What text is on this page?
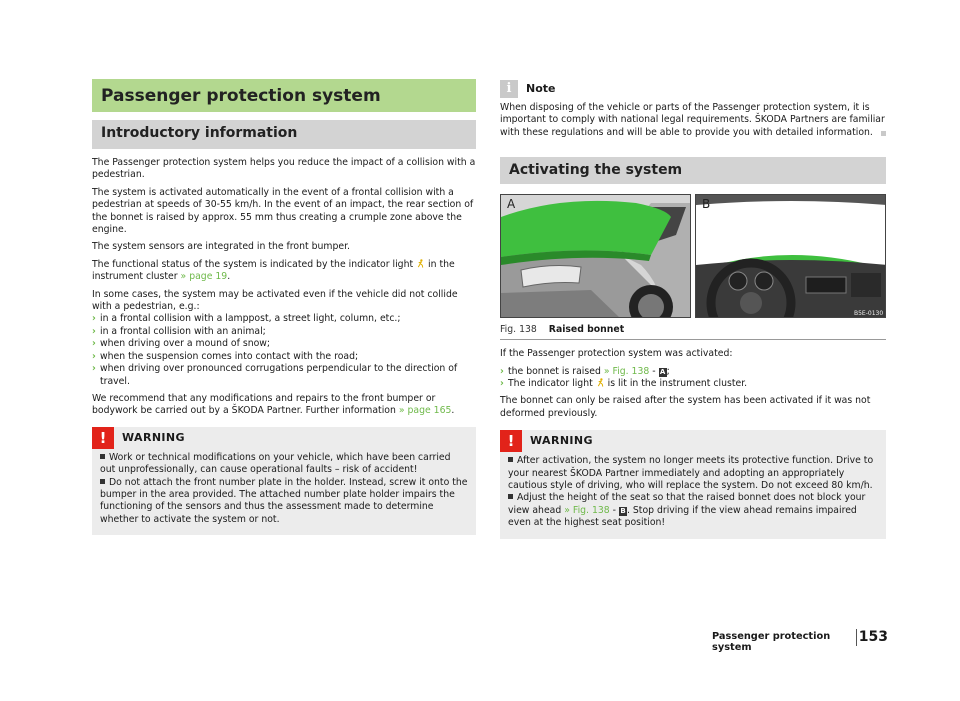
Passenger protection system
Introductory information

The Passenger protection system helps you reduce the impact of a collision with a pedestrian.

The system is activated automatically in the event of a frontal collision with a pedestrian at speeds of 30-55 km/h. In the event of an impact, the rear section of the bonnet is raised by approx. 55 mm thus creating a crumple zone above the engine.

The system sensors are integrated in the front bumper.

The functional status of the system is indicated by the indicator light in the instrument cluster » page 19.

In some cases, the system may be activated even if the vehicle did not collide with a pedestrian, e.g.:

› in a frontal collision with a lamppost, a street light, column, etc.;
› in a frontal collision with an animal;
› when driving over a mound of snow;
› when the suspension comes into contact with the road;
› when driving over pronounced corrugations perpendicular to the direction of travel.

We recommend that any modifications and repairs to the front bumper or bodywork be carried out by a ŠKODA Partner. Further information » page 165.

!	WARNING

Work or technical modifications on your vehicle, which have been carried out unprofessionally, can cause operational faults – risk of accident!

Do not attach the front number plate in the holder. Instead, screw it onto the bumper in the area provided. The attached number plate holder impairs the functioning of the sensors and thus the assessment made to determine whether to activate the system or not.

i	Note

When disposing of the vehicle or parts of the Passenger protection system, it is important to comply with national legal requirements. ŠKODA Partners are familiar with these regulations and will be able to provide you with detailed information.

Activating the system
A	B
B5E-0130
Fig. 138 Raised bonnet

If the Passenger protection system was activated:

› the bonnet is raised » Fig. 138 - A;
› The indicator light is lit in the instrument cluster.

The bonnet can only be raised after the system has been activated if it was not deformed previously.

!	WARNING

After activation, the system no longer meets its protective function. Drive to your nearest ŠKODA Partner immediately and adopting an appropriately cautious style of driving, who will replace the system. Do not exceed 80 km/h.

Adjust the height of the seat so that the raised bonnet does not block your view ahead » Fig. 138 - B. Stop driving if the view ahead remains impaired even at the highest seat position!

Passenger protection system
153
